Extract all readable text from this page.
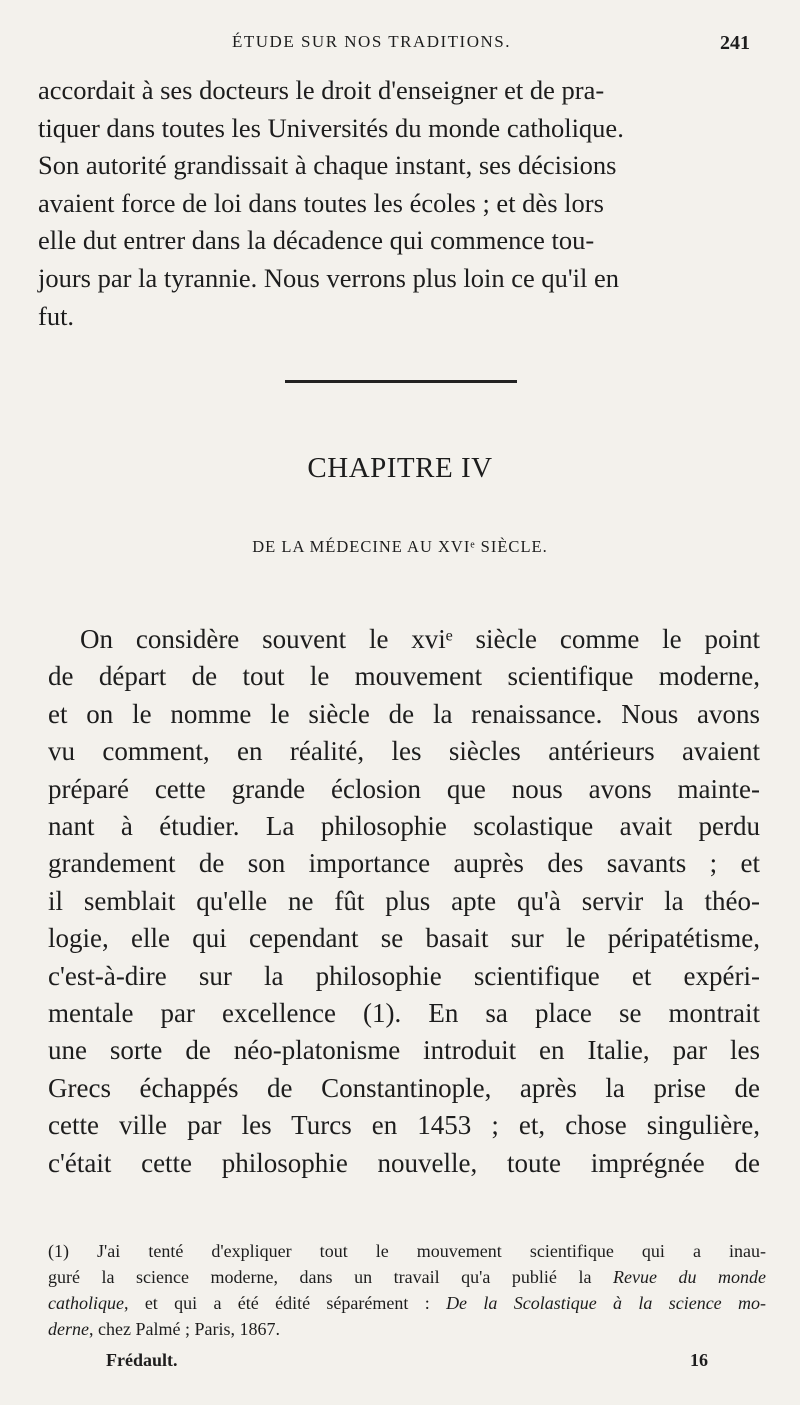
ÉTUDE SUR NOS TRADITIONS.	241
accordait à ses docteurs le droit d'enseigner et de pra-
tiquer dans toutes les Universités du monde catholique.
Son autorité grandissait à chaque instant, ses décisions
avaient force de loi dans toutes les écoles ; et dès lors
elle dut entrer dans la décadence qui commence tou-
jours par la tyrannie. Nous verrons plus loin ce qu'il en
fut.
CHAPITRE IV
DE LA MÉDECINE AU XVIᵉ SIÈCLE.
On considère souvent le xviᵉ siècle comme le point
de départ de tout le mouvement scientifique moderne,
et on le nomme le siècle de la renaissance. Nous avons
vu comment, en réalité, les siècles antérieurs avaient
préparé cette grande éclosion que nous avons mainte-
nant à étudier. La philosophie scolastique avait perdu
grandement de son importance auprès des savants ; et
il semblait qu'elle ne fût plus apte qu'à servir la théo-
logie, elle qui cependant se basait sur le péripatétisme,
c'est-à-dire sur la philosophie scientifique et expéri-
mentale par excellence (1). En sa place se montrait
une sorte de néo-platonisme introduit en Italie, par les
Grecs échappés de Constantinople, après la prise de
cette ville par les Turcs en 1453 ; et, chose singulière,
c'était cette philosophie nouvelle, toute imprégnée de
(1) J'ai tenté d'expliquer tout le mouvement scientifique qui a inau-
guré la science moderne, dans un travail qu'a publié la Revue du monde
catholique, et qui a été édité séparément : De la Scolastique à la science mo-
derne, chez Palmé ; Paris, 1867.
Frédault.	16
